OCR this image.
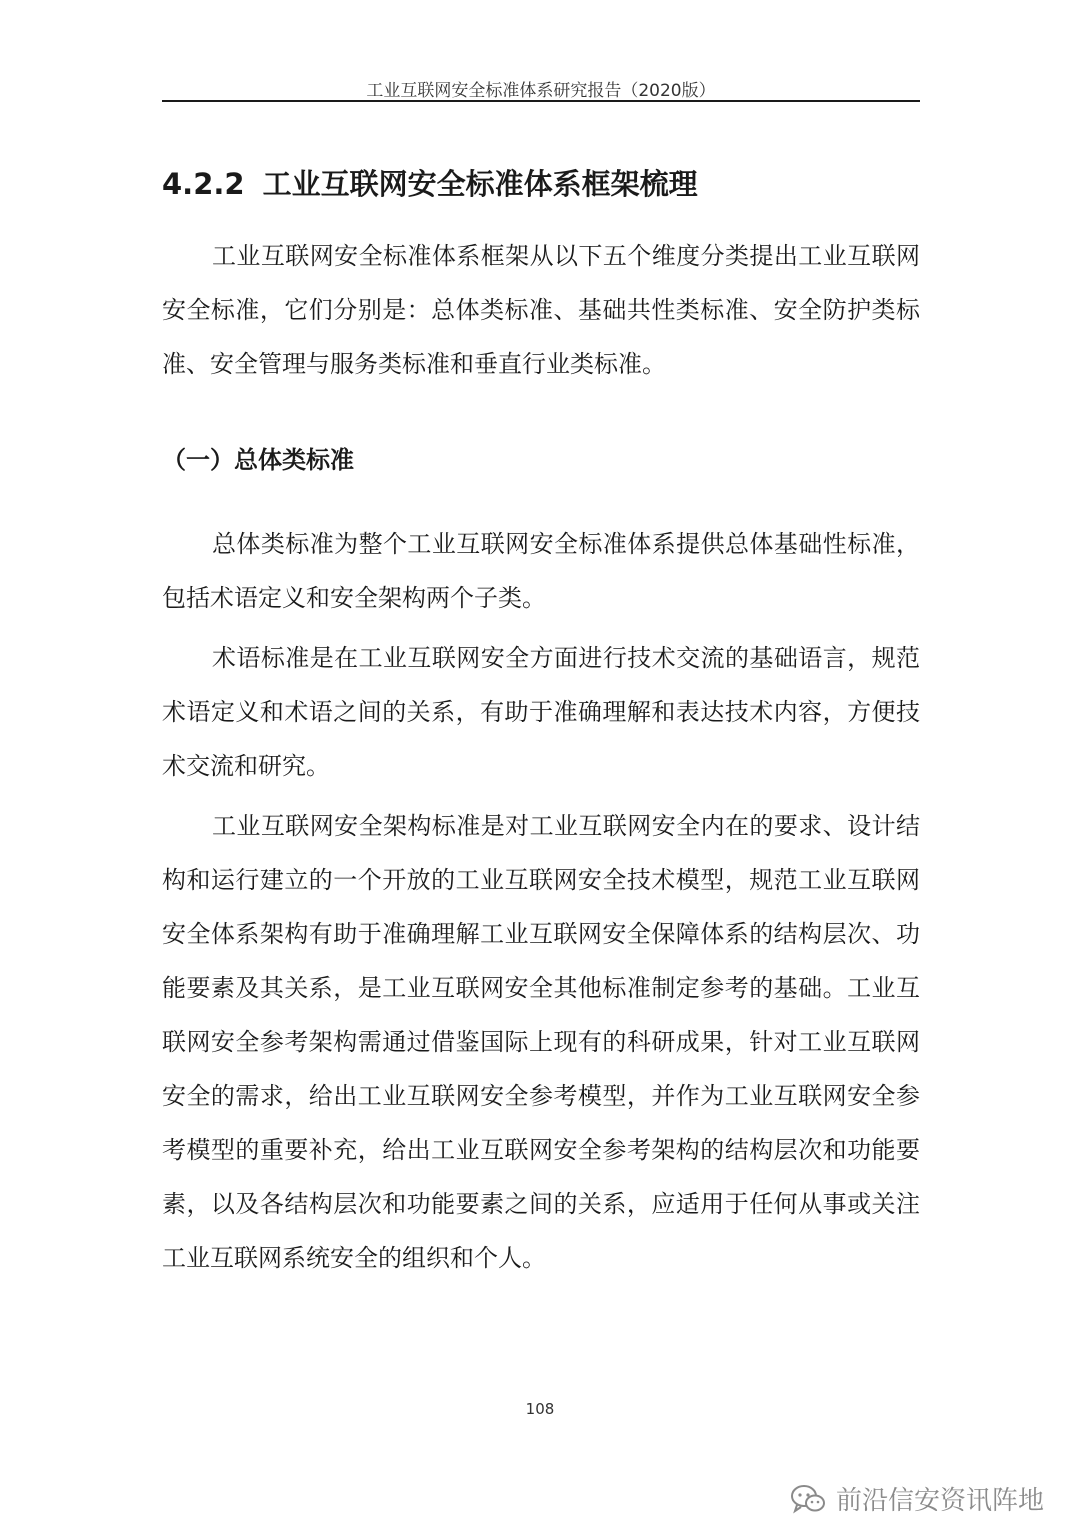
工业互联网安全标准体系研究报告（2020版）
4.2.2 工业互联网安全标准体系框架梳理

工业互联网安全标准体系框架从以下五个维度分类提出工业互联网安全标准，它们分别是：总体类标准、基础共性类标准、安全防护类标准、安全管理与服务类标准和垂直行业类标准。

（一）总体类标准

总体类标准为整个工业互联网安全标准体系提供总体基础性标准，包括术语定义和安全架构两个子类。

术语标准是在工业互联网安全方面进行技术交流的基础语言，规范术语定义和术语之间的关系，有助于准确理解和表达技术内容，方便技术交流和研究。

工业互联网安全架构标准是对工业互联网安全内在的要求、设计结构和运行建立的一个开放的工业互联网安全技术模型，规范工业互联网安全体系架构有助于准确理解工业互联网安全保障体系的结构层次、功能要素及其关系，是工业互联网安全其他标准制定参考的基础。工业互联网安全参考架构需通过借鉴国际上现有的科研成果，针对工业互联网安全的需求，给出工业互联网安全参考模型，并作为工业互联网安全参考模型的重要补充，给出工业互联网安全参考架构的结构层次和功能要素，以及各结构层次和功能要素之间的关系，应适用于任何从事或关注工业互联网系统安全的组织和个人。

108
前沿信安资讯阵地
